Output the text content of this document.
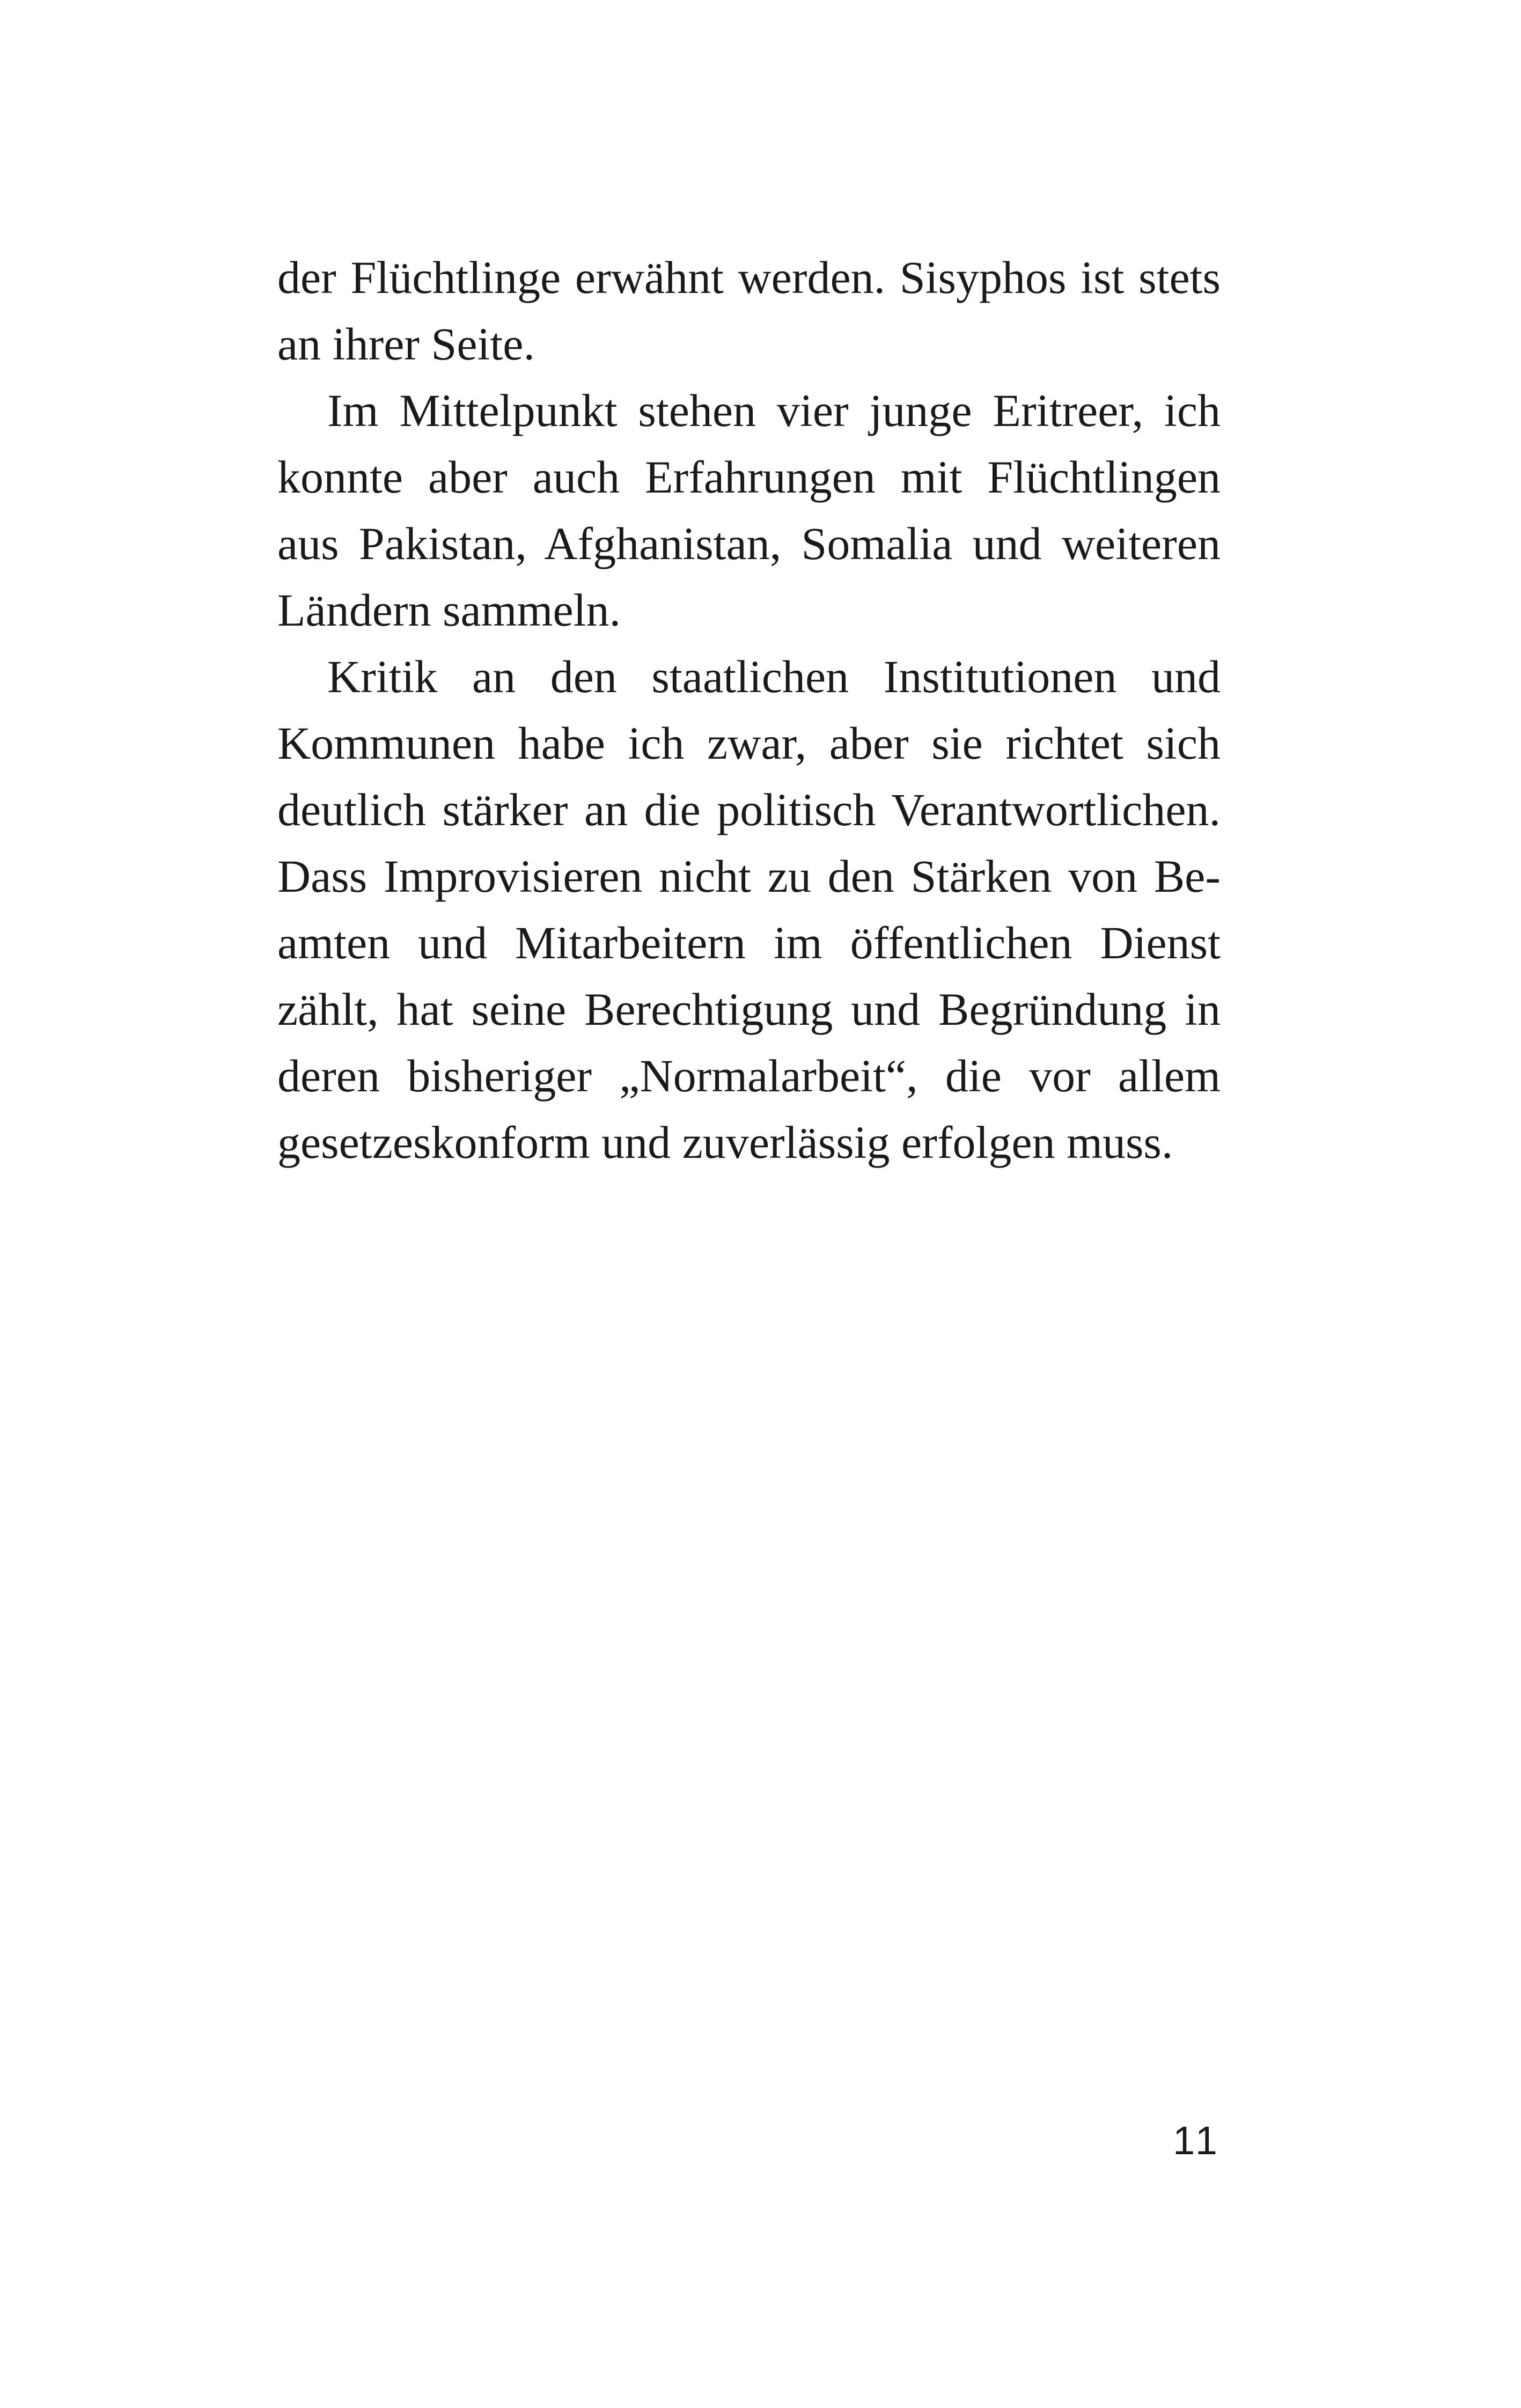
der Flüchtlinge erwähnt werden. Sisyphos ist stets
an ihrer Seite.
Im Mittelpunkt stehen vier junge Eritreer, ich
konnte aber auch Erfahrungen mit Flüchtlingen
aus Pakistan, Afghanistan, Somalia und weiteren
Ländern sammeln.
Kritik an den staatlichen Institutionen und
Kommunen habe ich zwar, aber sie richtet sich
deutlich stärker an die politisch Verantwortlichen.
Dass Improvisieren nicht zu den Stärken von Be-
amten und Mitarbeitern im öffentlichen Dienst
zählt, hat seine Berechtigung und Begründung in
deren bisheriger „Normalarbeit“, die vor allem
gesetzeskonform und zuverlässig erfolgen muss.
11
